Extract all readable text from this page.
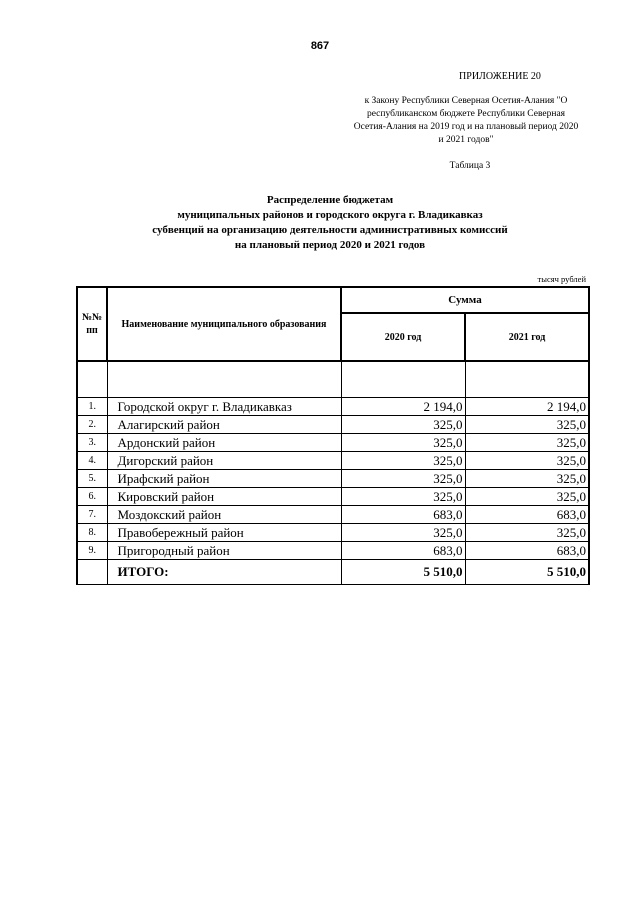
867
ПРИЛОЖЕНИЕ 20
к Закону Республики Северная Осетия-Алания "О
республиканском бюджете Республики Северная
Осетия-Алания на 2019 год и на плановый период 2020
и 2021 годов"
Таблица 3
Распределение бюджетам
муниципальных районов и городского округа г. Владикавказ
субвенций на организацию деятельности административных комиссий
на плановый период 2020 и 2021 годов
тысяч рублей
№№ пп	Наименование муниципального образования	Сумма	
		2020 год	2021 год

1.	Городской округ г. Владикавказ	2 194,0	2 194,0
2.	Алагирский район	325,0	325,0
3.	Ардонский район	325,0	325,0
4.	Дигорский район	325,0	325,0
5.	Ирафский район	325,0	325,0
6.	Кировский район	325,0	325,0
7.	Моздокский район	683,0	683,0
8.	Правобережный район	325,0	325,0
9.	Пригородный район	683,0	683,0
	ИТОГО:	5 510,0	5 510,0
